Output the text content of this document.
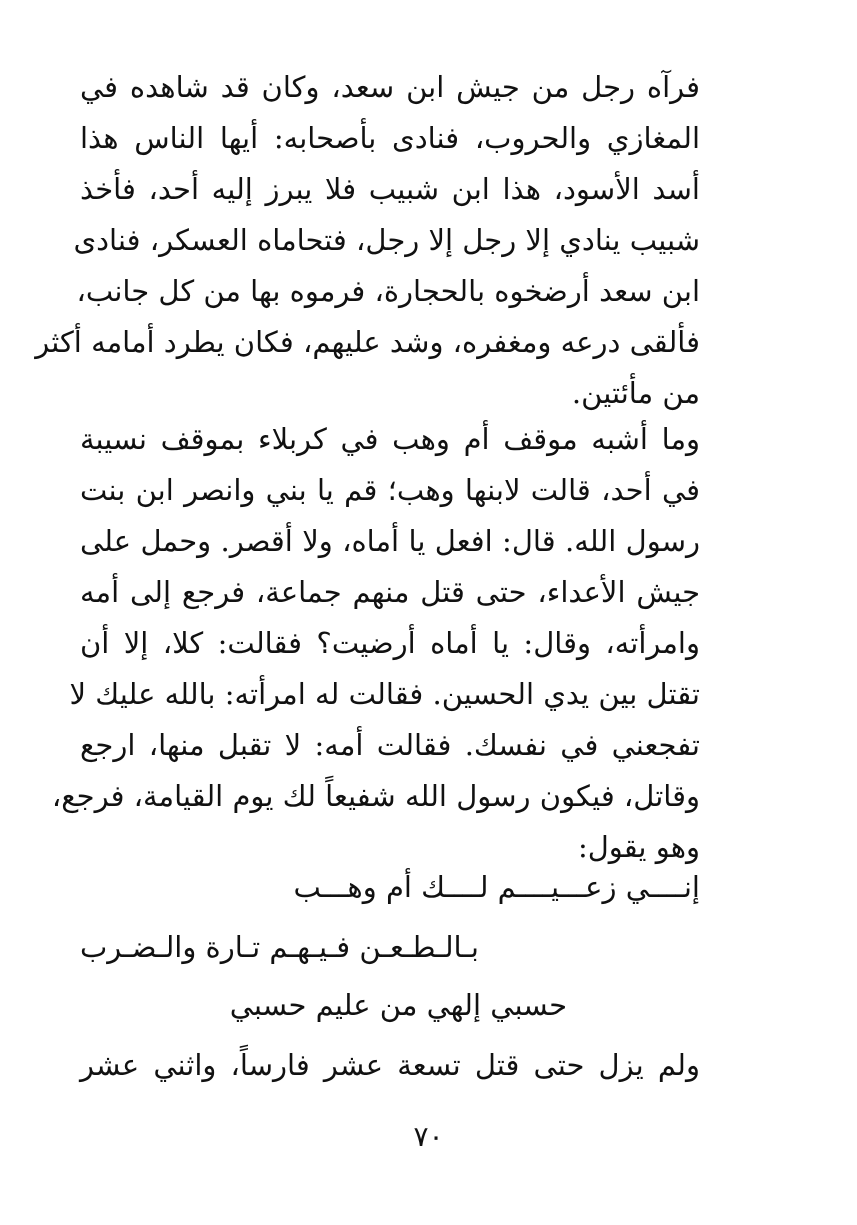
فرآه رجل من جيش ابن سعد، وكان قد شاهده في
المغازي والحروب، فنادى بأصحابه: أيها الناس هذا
أسد الأسود، هذا ابن شبيب فلا يبرز إليه أحد، فأخذ
شبيب ينادي إلا رجل إلا رجل، فتحاماه العسكر، فنادى
ابن سعد أرضخوه بالحجارة، فرموه بها من كل جانب،
فألقى درعه ومغفره، وشد عليهم، فكان يطرد أمامه أكثر
من مأئتين.
وما أشبه موقف أم وهب في كربلاء بموقف نسيبة
في أحد، قالت لابنها وهب؛ قم يا بني وانصر ابن بنت
رسول الله. قال: افعل يا أماه، ولا أقصر. وحمل على
جيش الأعداء، حتى قتل منهم جماعة، فرجع إلى أمه
وامرأته، وقال: يا أماه أرضيت؟ فقالت: كلا، إلا أن
تقتل بين يدي الحسين. فقالت له امرأته: بالله عليك لا
تفجعني في نفسك. فقالت أمه: لا تقبل منها، ارجع
وقاتل، فيكون رسول الله شفيعاً لك يوم القيامة، فرجع،
وهو يقول:
إنــــي زعـــيــــم لــــك أم وهـــب
بـالـطـعـن فـيـهـم تـارة والـضـرب
حسبي إلهي من عليم حسبي
ولم يزل حتى قتل تسعة عشر فارساً، واثني عشر
٧٠
